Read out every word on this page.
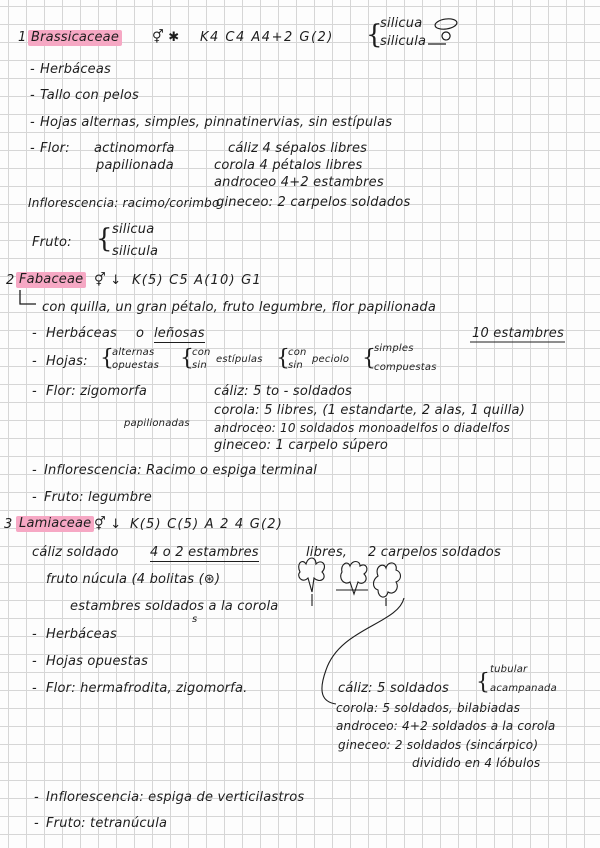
1 Brassicaceae	⚥ ✱ K4 C4 A4+2 G(2) {
silicua
silicula
- Herbáceas
- Tallo con pelos
- Hojas alternas, simples, pinnatinervias, sin estípulas
- Flor: actinomorfa	cáliz 4 sépalos libres
papilionada	corola 4 pétalos libres
androceo 4+2 estambres
Inflorescencia: racimo/corimbo
gineceo: 2 carpelos soldados
Fruto: { silicua
silicula
2 Fabaceae ⚥ ↓ K(5) C5 A(10) G1
con quilla, un gran pétalo, fruto legumbre, flor papilionada
- Herbáceas o leñosas	10 estambres
- Hojas: {
alternas
opuestas {
con
sin
estípulas {
con
sin
peciolo {
simples
compuestas
- Flor: zigomorfa	cáliz: 5 to - soldados
corola: 5 libres, (1 estandarte, 2 alas, 1 quilla)
papilionadas androceo: 10 soldados monoadelfos o diadelfos
gineceo: 1 carpelo súpero
- Inflorescencia: Racimo o espiga terminal
- Fruto: legumbre
3 Lamiaceae ⚥ ↓ K(5) C(5) A 2 4 G(2)
cáliz soldado 4 o 2 estambres	libres, 2 carpelos soldados
fruto núcula (4 bolitas (⊛)
estambres soldados a la corola
s
- Herbáceas
- Hojas opuestas
- Flor: hermafrodita, zigomorfa.	cáliz: 5 soldados {
tubular
acampanada
corola: 5 soldados, bilabiadas
androceo: 4+2 soldados a la corola
gineceo: 2 soldados (sincárpico)
dividido en 4 lóbulos
- Inflorescencia: espiga de verticilastros
- Fruto: tetranúcula
